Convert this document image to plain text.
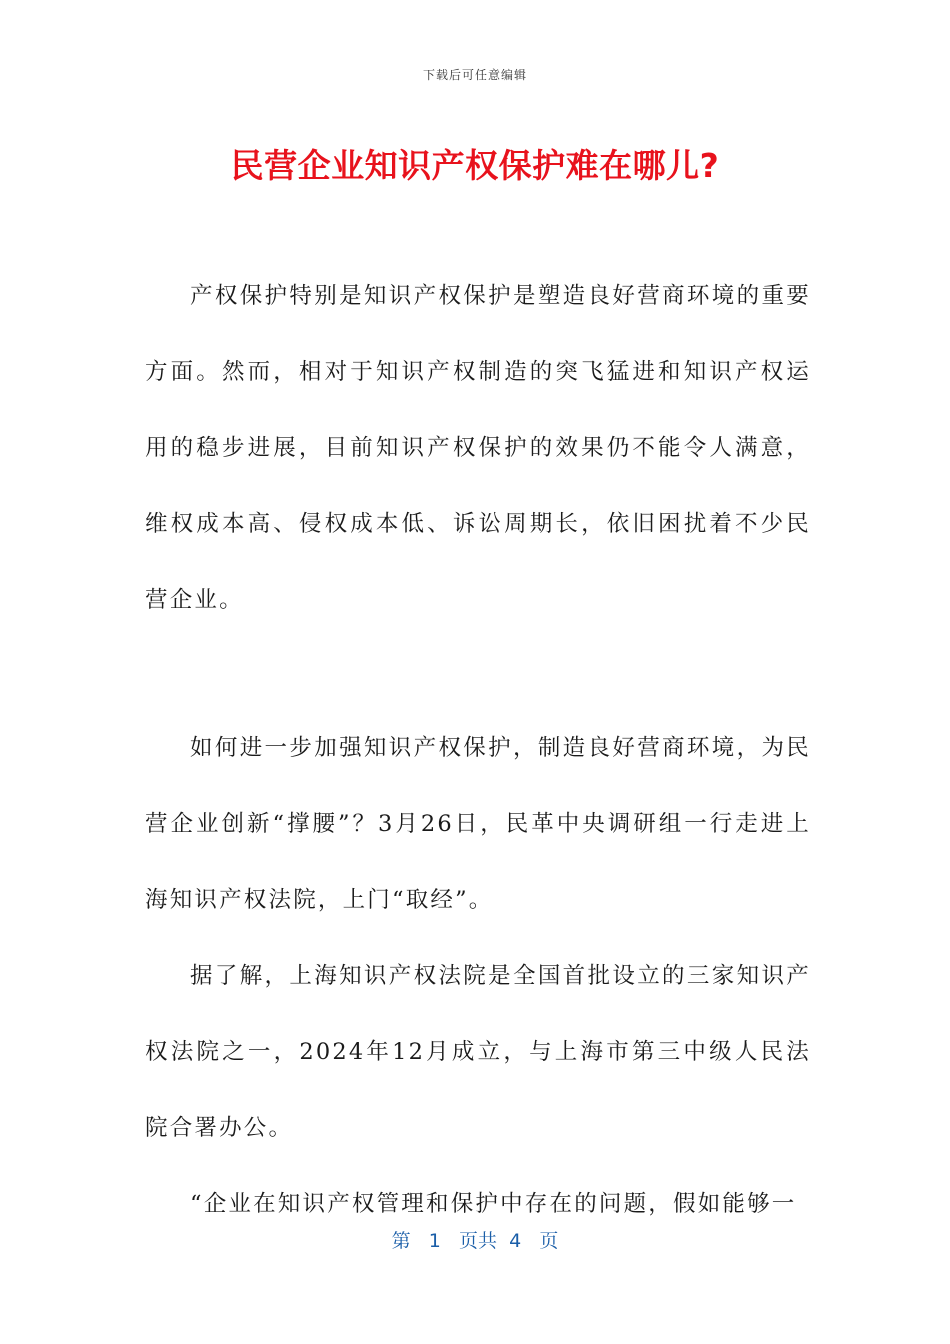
下载后可任意编辑
民营企业知识产权保护难在哪儿?

产权保护特别是知识产权保护是塑造良好营商环境的重要方面。然而，相对于知识产权制造的突飞猛进和知识产权运用的稳步进展，目前知识产权保护的效果仍不能令人满意，维权成本高、侵权成本低、诉讼周期长，依旧困扰着不少民营企业。

如何进一步加强知识产权保护，制造良好营商环境，为民营企业创新“撑腰”？3月26日，民革中央调研组一行走进上海知识产权法院，上门“取经”。

据了解，上海知识产权法院是全国首批设立的三家知识产权法院之一，2024年12月成立，与上海市第三中级人民法院合署办公。

“企业在知识产权管理和保护中存在的问题，假如能够一

第 1 页共 4 页
